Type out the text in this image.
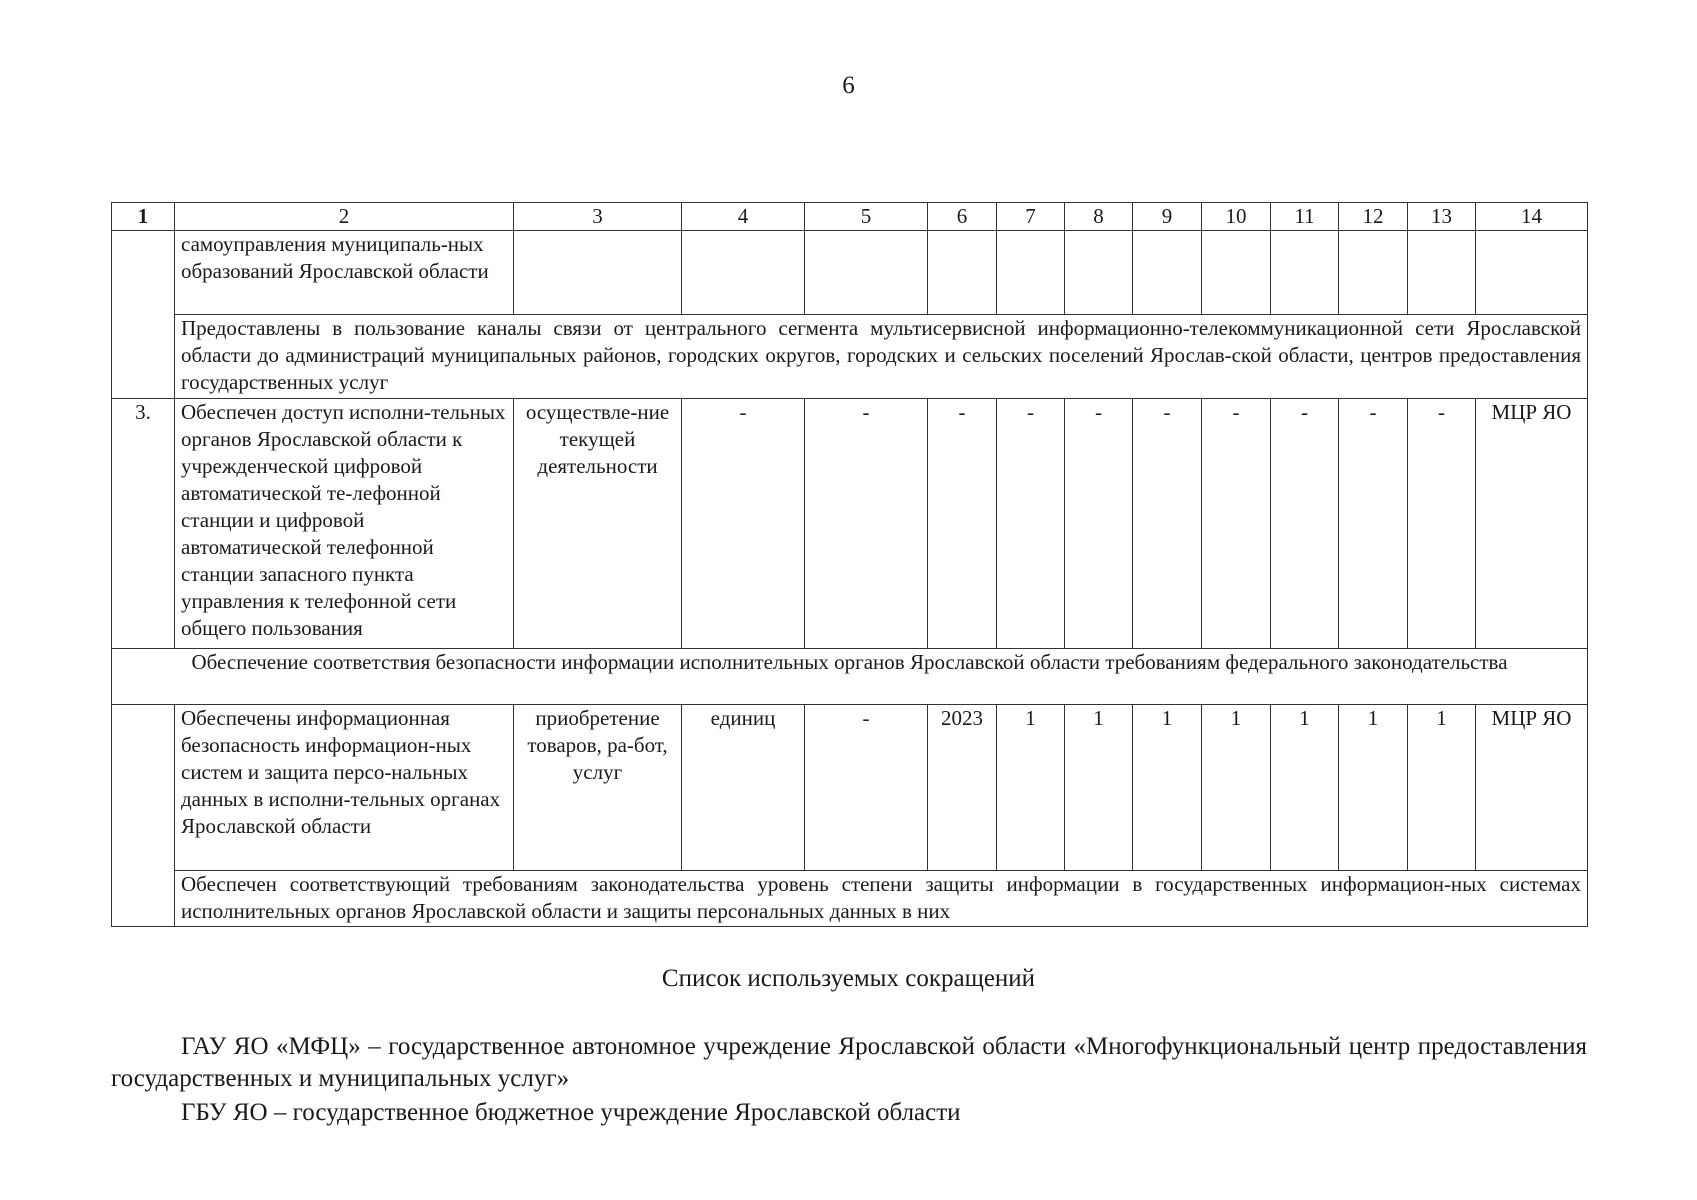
6
1	2	3	4	5	6	7	8	9	10	11	12	13	14
	самоуправления муниципаль-ных образований Ярославской области												
	Предоставлены в пользование каналы связи от центрального сегмента мультисервисной информационно-телекоммуникационной сети Ярославской области до администраций муниципальных районов, городских округов, городских и сельских поселений Ярослав-ской области, центров предоставления государственных услуг												
3.	Обеспечен доступ исполни-тельных органов Ярославской области к учрежденческой цифровой автоматической те-лефонной станции и цифровой автоматической телефонной станции запасного пункта управления к телефонной сети общего пользования	осуществле-ние текущей деятельности	-	-	-	-	-	-	-	-	-	-	МЦР ЯО
Обеспечение соответствия безопасности информации исполнительных органов Ярославской области требованиям федерального законодательства													
	Обеспечены информационная безопасность информацион-ных систем и защита персо-нальных данных в исполни-тельных органах Ярославской области	приобретение товаров, ра-бот, услуг	единиц	-	2023	1	1	1	1	1	1	1	МЦР ЯО
	Обеспечен соответствующий требованиям законодательства уровень степени защиты информации в государственных информацион-ных системах исполнительных органов Ярославской области и защиты персональных данных в них												
Список используемых сокращений
ГАУ ЯО «МФЦ» – государственное автономное учреждение Ярославской области «Многофункциональный центр предоставления государственных и муниципальных услуг»
ГБУ ЯО – государственное бюджетное учреждение Ярославской области
